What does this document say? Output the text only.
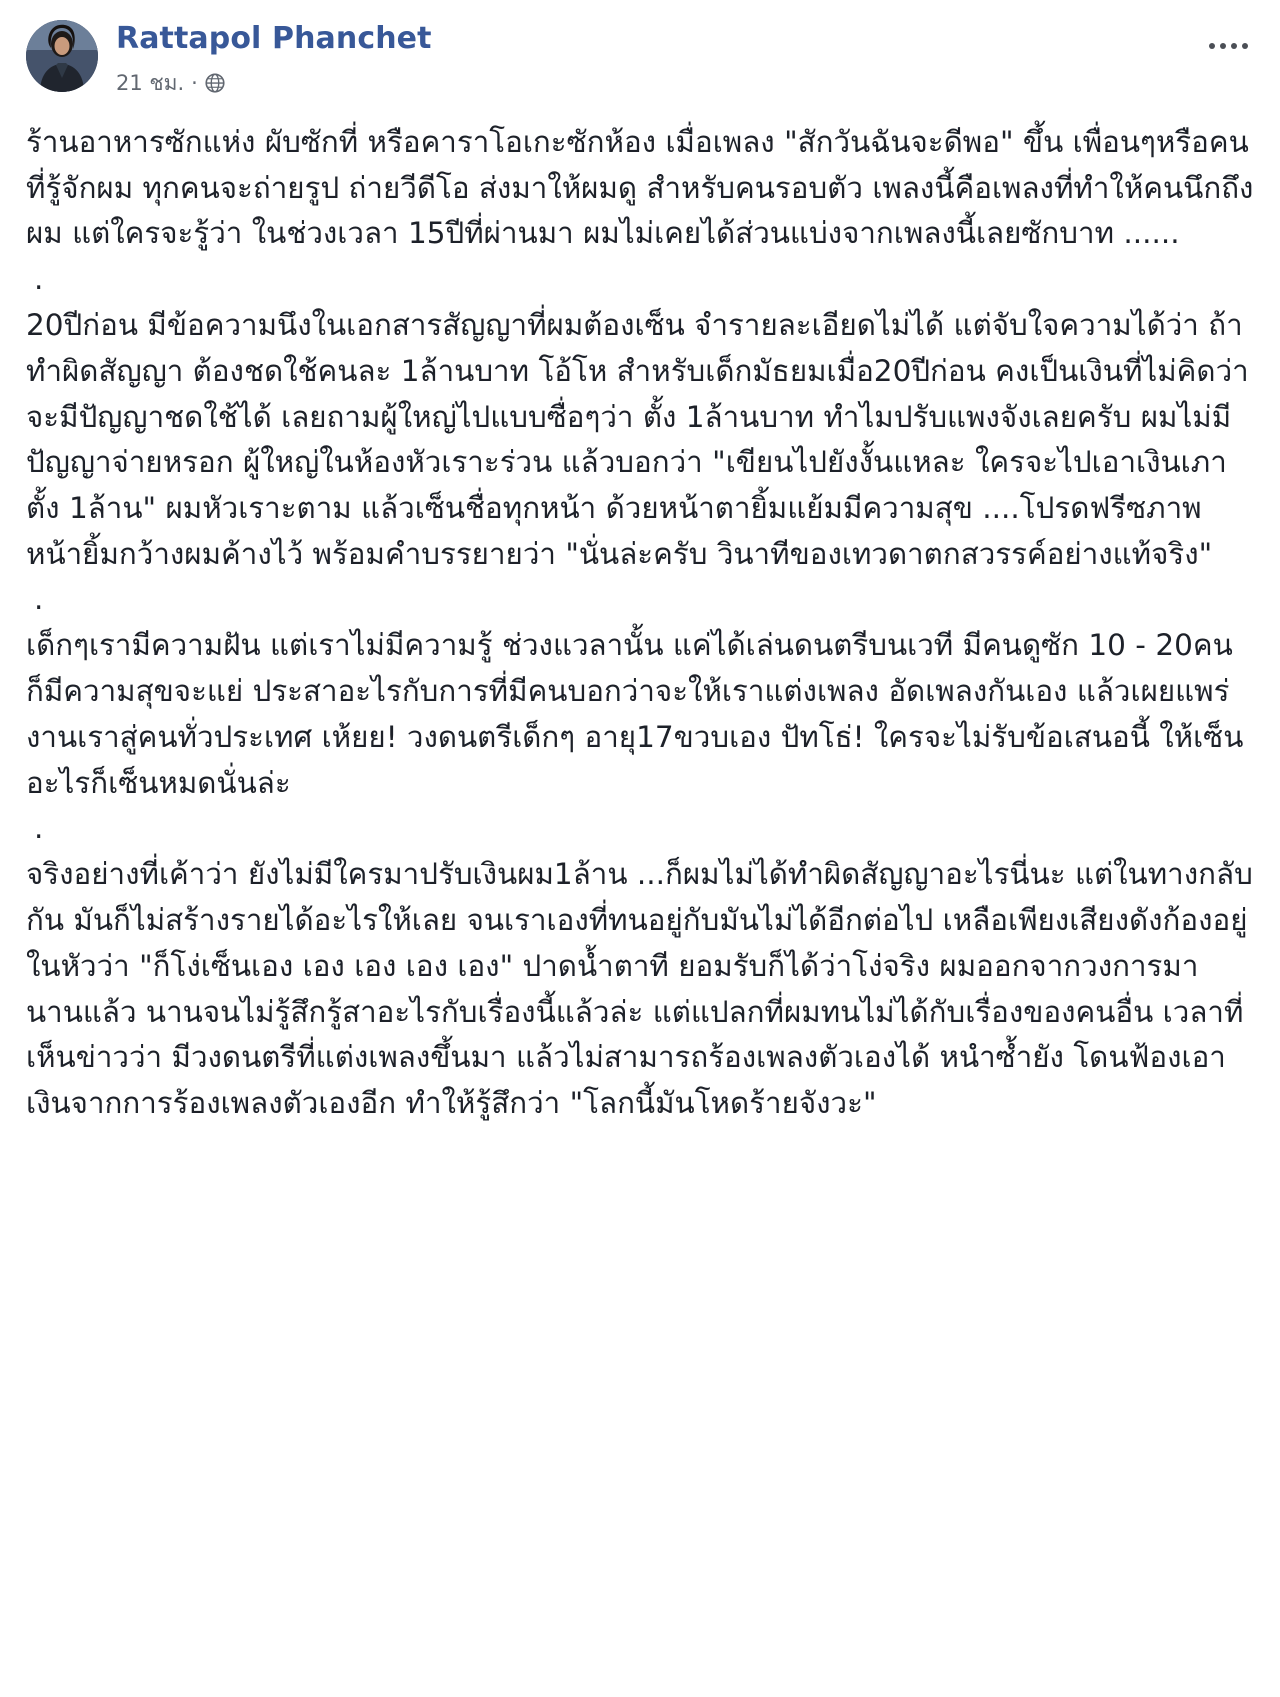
Rattapol Phanchet
21 ชม. ·

ร้านอาหารซักแห่ง ผับซักที่ หรือคาราโอเกะซักห้อง เมื่อเพลง "สักวันฉันจะดีพอ" ขึ้น เพื่อนๆหรือคนที่รู้จักผม ทุกคนจะถ่ายรูป ถ่ายวีดีโอ ส่งมาให้ผมดู สำหรับคนรอบตัว เพลงนี้คือเพลงที่ทำให้คนนึกถึงผม แต่ใครจะรู้ว่า ในช่วงเวลา 15ปีที่ผ่านมา ผมไม่เคยได้ส่วนแบ่งจากเพลงนี้เลยซักบาท ......

.

20ปีก่อน มีข้อความนึงในเอกสารสัญญาที่ผมต้องเซ็น จำรายละเอียดไม่ได้ แต่จับใจความได้ว่า ถ้าทำผิดสัญญา ต้องชดใช้คนละ 1ล้านบาท โอ้โห สำหรับเด็กมัธยมเมื่อ20ปีก่อน คงเป็นเงินที่ไม่คิดว่าจะมีปัญญาชดใช้ได้ เลยถามผู้ใหญ่ไปแบบซื่อๆว่า ตั้ง 1ล้านบาท ทำไมปรับแพงจังเลยครับ ผมไม่มีปัญญาจ่ายหรอก ผู้ใหญ่ในห้องหัวเราะร่วน แล้วบอกว่า "เขียนไปยังงั้นแหละ ใครจะไปเอาเงินเภาตั้ง 1ล้าน" ผมหัวเราะตาม แล้วเซ็นชื่อทุกหน้า ด้วยหน้าตายิ้มแย้มมีความสุข ....โปรดฟรีซภาพหน้ายิ้มกว้างผมค้างไว้ พร้อมคำบรรยายว่า "นั่นล่ะครับ วินาทีของเทวดาตกสวรรค์อย่างแท้จริง"

.

เด็กๆเรามีความฝัน แต่เราไม่มีความรู้ ช่วงแวลานั้น แค่ได้เล่นดนตรีบนเวที มีคนดูซัก 10 - 20คน ก็มีความสุขจะแย่ ประสาอะไรกับการที่มีคนบอกว่าจะให้เราแต่งเพลง อัดเพลงกันเอง แล้วเผยแพร่งานเราสู่คนทั่วประเทศ เห้ยย! วงดนตรีเด็กๆ อายุ17ขวบเอง ปัทโธ่! ใครจะไม่รับข้อเสนอนี้ ให้เซ็นอะไรก็เซ็นหมดนั่นล่ะ

.

จริงอย่างที่เค้าว่า ยังไม่มีใครมาปรับเงินผม1ล้าน ...ก็ผมไม่ได้ทำผิดสัญญาอะไรนี่นะ แต่ในทางกลับกัน มันก็ไม่สร้างรายได้อะไรให้เลย จนเราเองที่ทนอยู่กับมันไม่ได้อีกต่อไป เหลือเพียงเสียงดังก้องอยู่ในหัวว่า "ก็โง่เซ็นเอง เอง เอง เอง เอง" ปาดน้ำตาที ยอมรับก็ได้ว่าโง่จริง ผมออกจากวงการมานานแล้ว นานจนไม่รู้สึกรู้สาอะไรกับเรื่องนี้แล้วล่ะ แต่แปลกที่ผมทนไม่ได้กับเรื่องของคนอื่น เวลาที่เห็นข่าวว่า มีวงดนตรีที่แต่งเพลงขึ้นมา แล้วไม่สามารถร้องเพลงตัวเองได้ หนำซ้ำยัง โดนฟ้องเอาเงินจากการร้องเพลงตัวเองอีก ทำให้รู้สึกว่า "โลกนี้มันโหดร้ายจังวะ"
